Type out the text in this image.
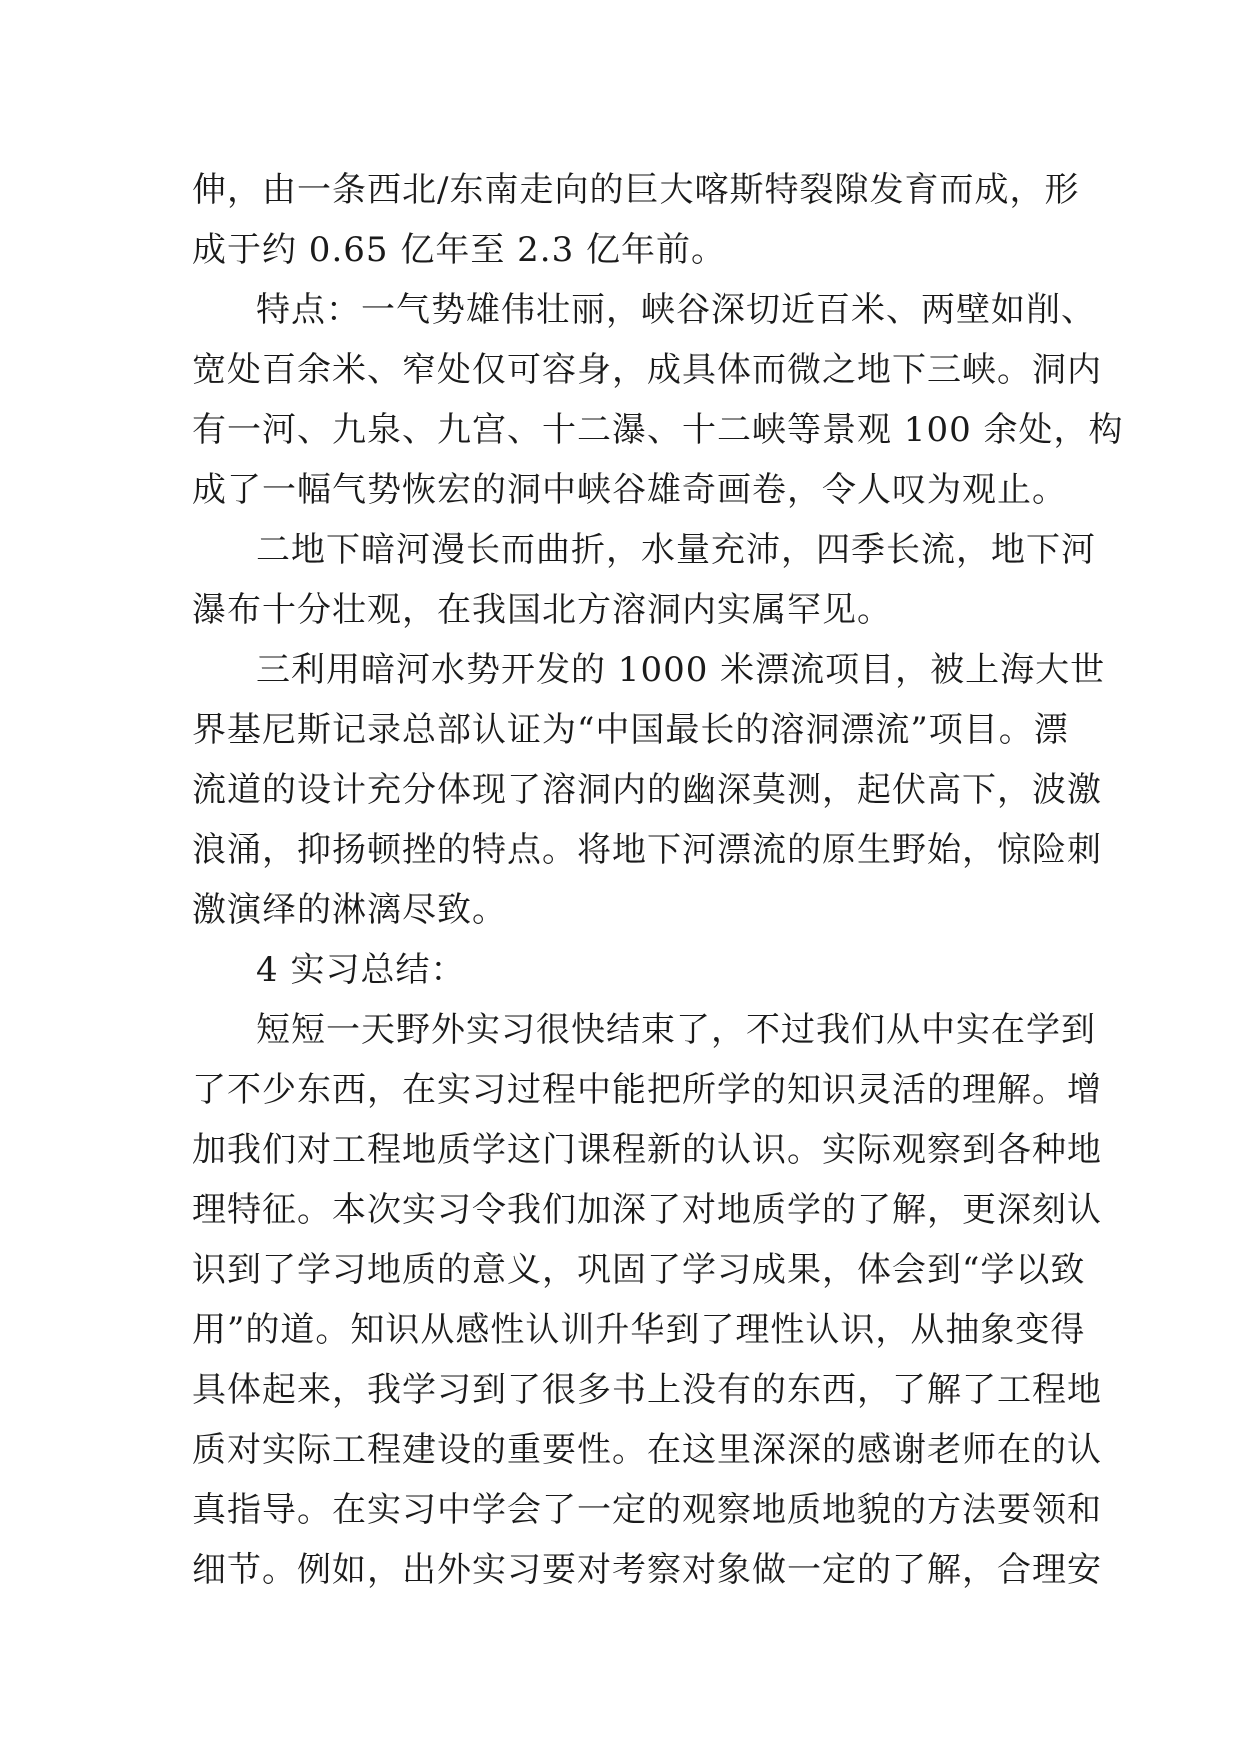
伸，由一条西北/东南走向的巨大喀斯特裂隙发育而成，形
成于约 0.65 亿年至 2.3 亿年前。
特点：一气势雄伟壮丽，峡谷深切近百米、两壁如削、
宽处百余米、窄处仅可容身，成具体而微之地下三峡。洞内
有一河、九泉、九宫、十二瀑、十二峡等景观 100 余处，构
成了一幅气势恢宏的洞中峡谷雄奇画卷，令人叹为观止。
二地下暗河漫长而曲折，水量充沛，四季长流，地下河
瀑布十分壮观，在我国北方溶洞内实属罕见。
三利用暗河水势开发的 1000 米漂流项目，被上海大世
界基尼斯记录总部认证为“中国最长的溶洞漂流”项目。漂
流道的设计充分体现了溶洞内的幽深莫测，起伏高下，波激
浪涌，抑扬顿挫的特点。将地下河漂流的原生野始，惊险刺
激演绎的淋漓尽致。
4 实习总结：
短短一天野外实习很快结束了，不过我们从中实在学到
了不少东西，在实习过程中能把所学的知识灵活的理解。增
加我们对工程地质学这门课程新的认识。实际观察到各种地
理特征。本次实习令我们加深了对地质学的了解，更深刻认
识到了学习地质的意义，巩固了学习成果，体会到“学以致
用”的道。知识从感性认训升华到了理性认识，从抽象变得
具体起来，我学习到了很多书上没有的东西，了解了工程地
质对实际工程建设的重要性。在这里深深的感谢老师在的认
真指导。在实习中学会了一定的观察地质地貌的方法要领和
细节。例如，出外实习要对考察对象做一定的了解，合理安
